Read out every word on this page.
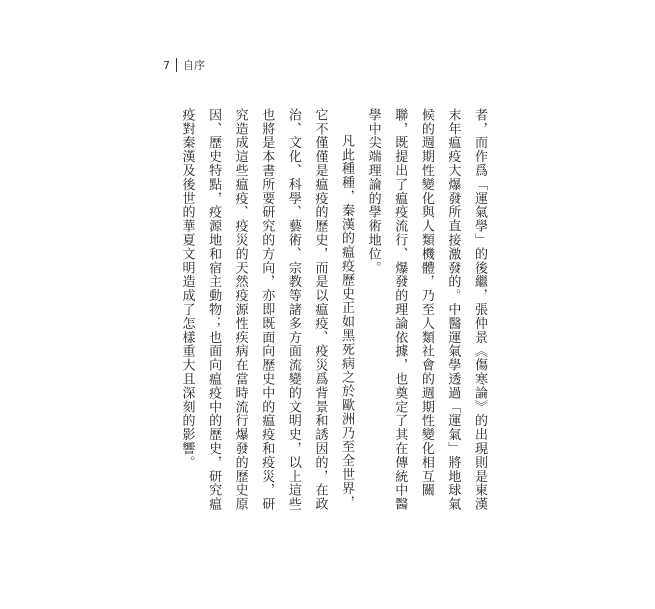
7 自序

者，而作爲「運氣學」的後繼，張仲景《傷寒論》的出現則是東漢末年瘟疫大爆發所直接激發的。中醫運氣學透過「運氣」將地球氣候的週期性變化與人類機體，乃至人類社會的週期性變化相互關聯，既提出了瘟疫流行、爆發的理論依據，也奠定了其在傳統中醫學中尖端理論的學術地位。

凡此種種，秦漢的瘟疫歷史正如黑死病之於歐洲乃至全世界，它不僅僅是瘟疫的歷史，而是以瘟疫、疫災爲背景和誘因的，在政治、文化、科學、藝術、宗教等諸多方面流變的文明史，以上這些也將是本書所要研究的方向，亦即既面向歷史中的瘟疫和疫災，研究造成這些瘟疫、疫災的天然疫源性疾病在當時流行爆發的歷史原因、歷史特點，疫源地和宿主動物；也面向瘟疫中的歷史，研究瘟疫對秦漢及後世的華夏文明造成了怎樣重大且深刻的影響。
